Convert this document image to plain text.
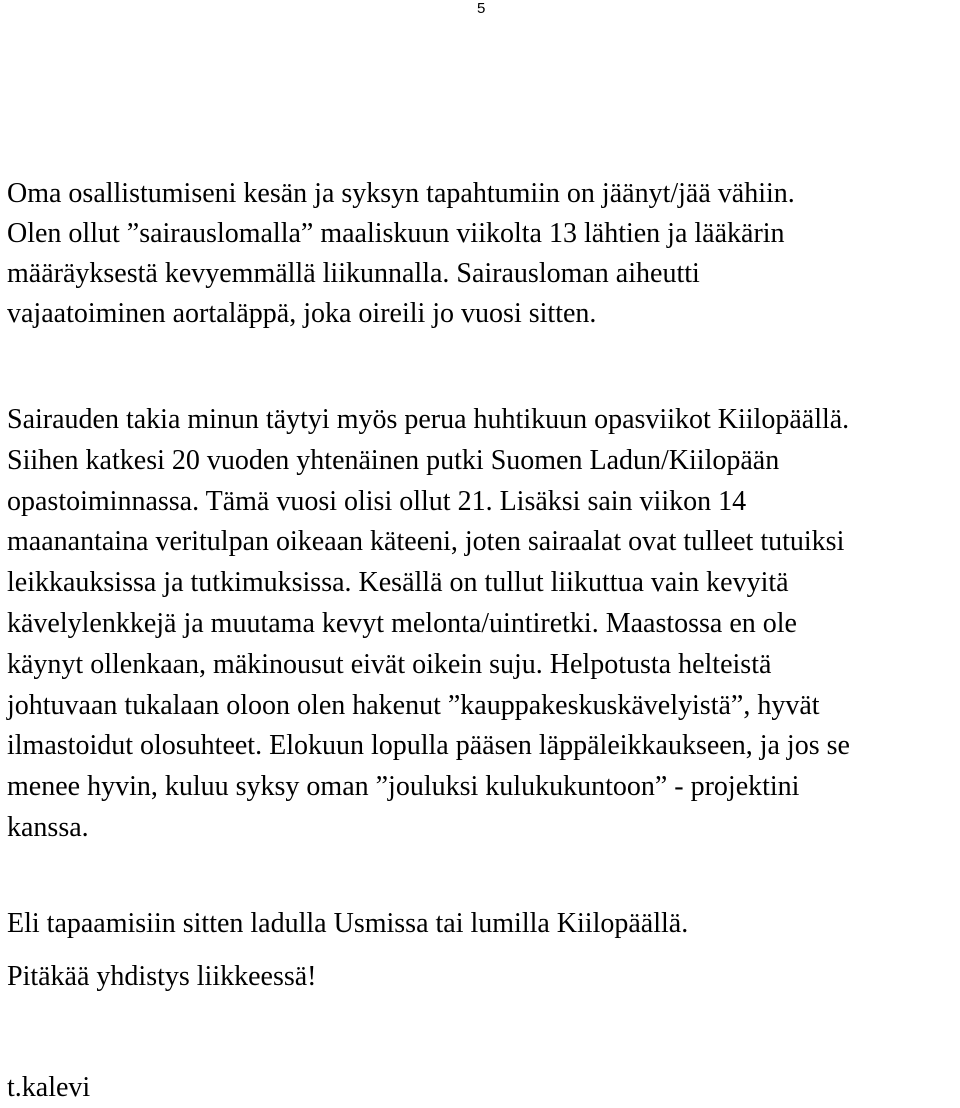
5
Oma osallistumiseni kesän ja syksyn tapahtumiin on jäänyt/jää vähiin.
Olen ollut ”sairauslomalla” maaliskuun viikolta 13 lähtien ja lääkärin
määräyksestä kevyemmällä liikunnalla. Sairausloman aiheutti
vajaatoiminen aortaläppä, joka oireili jo vuosi sitten.
Sairauden takia minun täytyi myös perua huhtikuun opasviikot Kiilopäällä.
Siihen katkesi 20 vuoden yhtenäinen putki Suomen Ladun/Kiilopään
opastoiminnassa. Tämä vuosi olisi ollut 21. Lisäksi sain viikon 14
maanantaina veritulpan oikeaan käteeni, joten sairaalat ovat tulleet tutuiksi
leikkauksissa ja tutkimuksissa. Kesällä on tullut liikuttua vain kevyitä
kävelylenkkejä ja muutama kevyt melonta/uintiretki. Maastossa en ole
käynyt ollenkaan, mäkinousut eivät oikein suju. Helpotusta helteistä
johtuvaan tukalaan oloon olen hakenut ”kauppakeskuskävelyistä”, hyvät
ilmastoidut olosuhteet. Elokuun lopulla pääsen läppäleikkaukseen, ja jos se
menee hyvin, kuluu syksy oman ”jouluksi kulukukuntoon” - projektini
kanssa.
Eli tapaamisiin sitten ladulla Usmissa tai lumilla Kiilopäällä.
Pitäkää yhdistys liikkeessä!
t.kalevi
